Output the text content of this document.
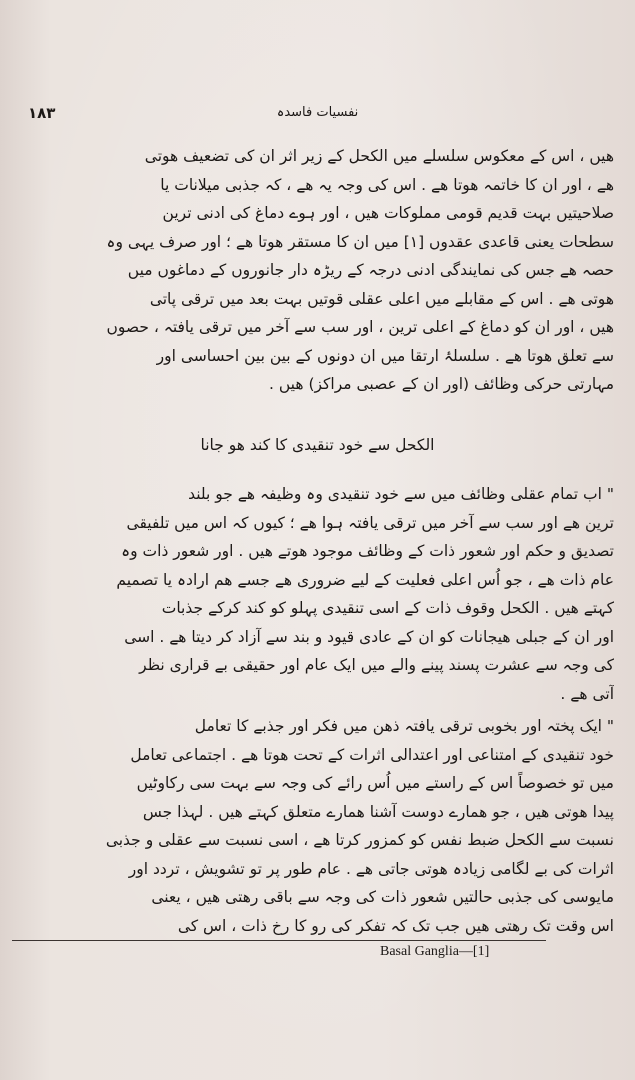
۱۸۳	نفسیات فاسدہ
ھیں ، اس کے معکوس سلسلے میں الکحل کے زیر اثر ان کی تضعیف ھوتی
ھے ، اور ان کا خاتمہ ھوتا ھے . اس کی وجہ یہ ھے ، کہ جذبی میلانات یا
صلاحیتیں بہت قدیم قومی مملوکات ھیں ، اور ہوے دماغ کی ادنی ترین
سطحات یعنی قاعدی عقدوں [۱] میں ان کا مستقر ھوتا ھے ؛ اور صرف یہی وہ
حصہ ھے جس کی نمایندگی ادنی درجہ کے ریڑہ دار جانوروں کے دماغوں میں
ھوتی ھے . اس کے مقابلے میں اعلی عقلی قوتیں بہت بعد میں ترقی پاتی
ھیں ، اور ان کو دماغ کے اعلی ترین ، اور سب سے آخر میں ترقی یافتہ ، حصوں
سے تعلق ھوتا ھے . سلسلۂ ارتقا میں ان دونوں کے بین بین احساسی اور
مہارتی حرکی وظائف (اور ان کے عصبی مراکز) ھیں .
الکحل سے خود تنقیدی کا کند ھو جانا
" اب تمام عقلی وظائف میں سے خود تنقیدی وہ وظیفہ ھے جو بلند
ترین ھے اور سب سے آخر میں ترقی یافتہ ہوا ھے ؛ کیوں کہ اس میں تلفیقی
تصدیق و حکم اور شعور ذات کے وظائف موجود ھوتے ھیں . اور شعور ذات وہ
عام ذات ھے ، جو اُس اعلی فعلیت کے لیے ضروری ھے جسے ھم ارادہ یا تصمیم
کہتے ھیں . الکحل وقوف ذات کے اسی تنقیدی پہلو کو کند کرکے جذبات
اور ان کے جبلی ھیجانات کو ان کے عادی قیود و بند سے آزاد کر دیتا ھے . اسی
کی وجہ سے عشرت پسند پینے والے میں ایک عام اور حقیقی بے قراری نظر
آتی ھے .
" ایک پختہ اور بخوبی ترقی یافتہ ذھن میں فکر اور جذبے کا تعامل
خود تنقیدی کے امتناعی اور اعتدالی اثرات کے تحت ھوتا ھے . اجتماعی تعامل
میں تو خصوصاً اس کے راستے میں اُس رائے کی وجہ سے بہت سی رکاوٹیں
پیدا ھوتی ھیں ، جو ھمارے دوست آشنا ھمارے متعلق کہتے ھیں . لہذا جس
نسبت سے الکحل ضبط نفس کو کمزور کرتا ھے ، اسی نسبت سے عقلی و جذبی
اثرات کی بے لگامی زیادہ ھوتی جاتی ھے . عام طور پر تو تشویش ، تردد اور
مایوسی کی جذبی حالتیں شعور ذات کی وجہ سے باقی رھتی ھیں ، یعنی
اس وقت تک رھتی ھیں جب تک کہ تفکر کی رو کا رخ ذات ، اس کی
Basal Ganglia—[1]
